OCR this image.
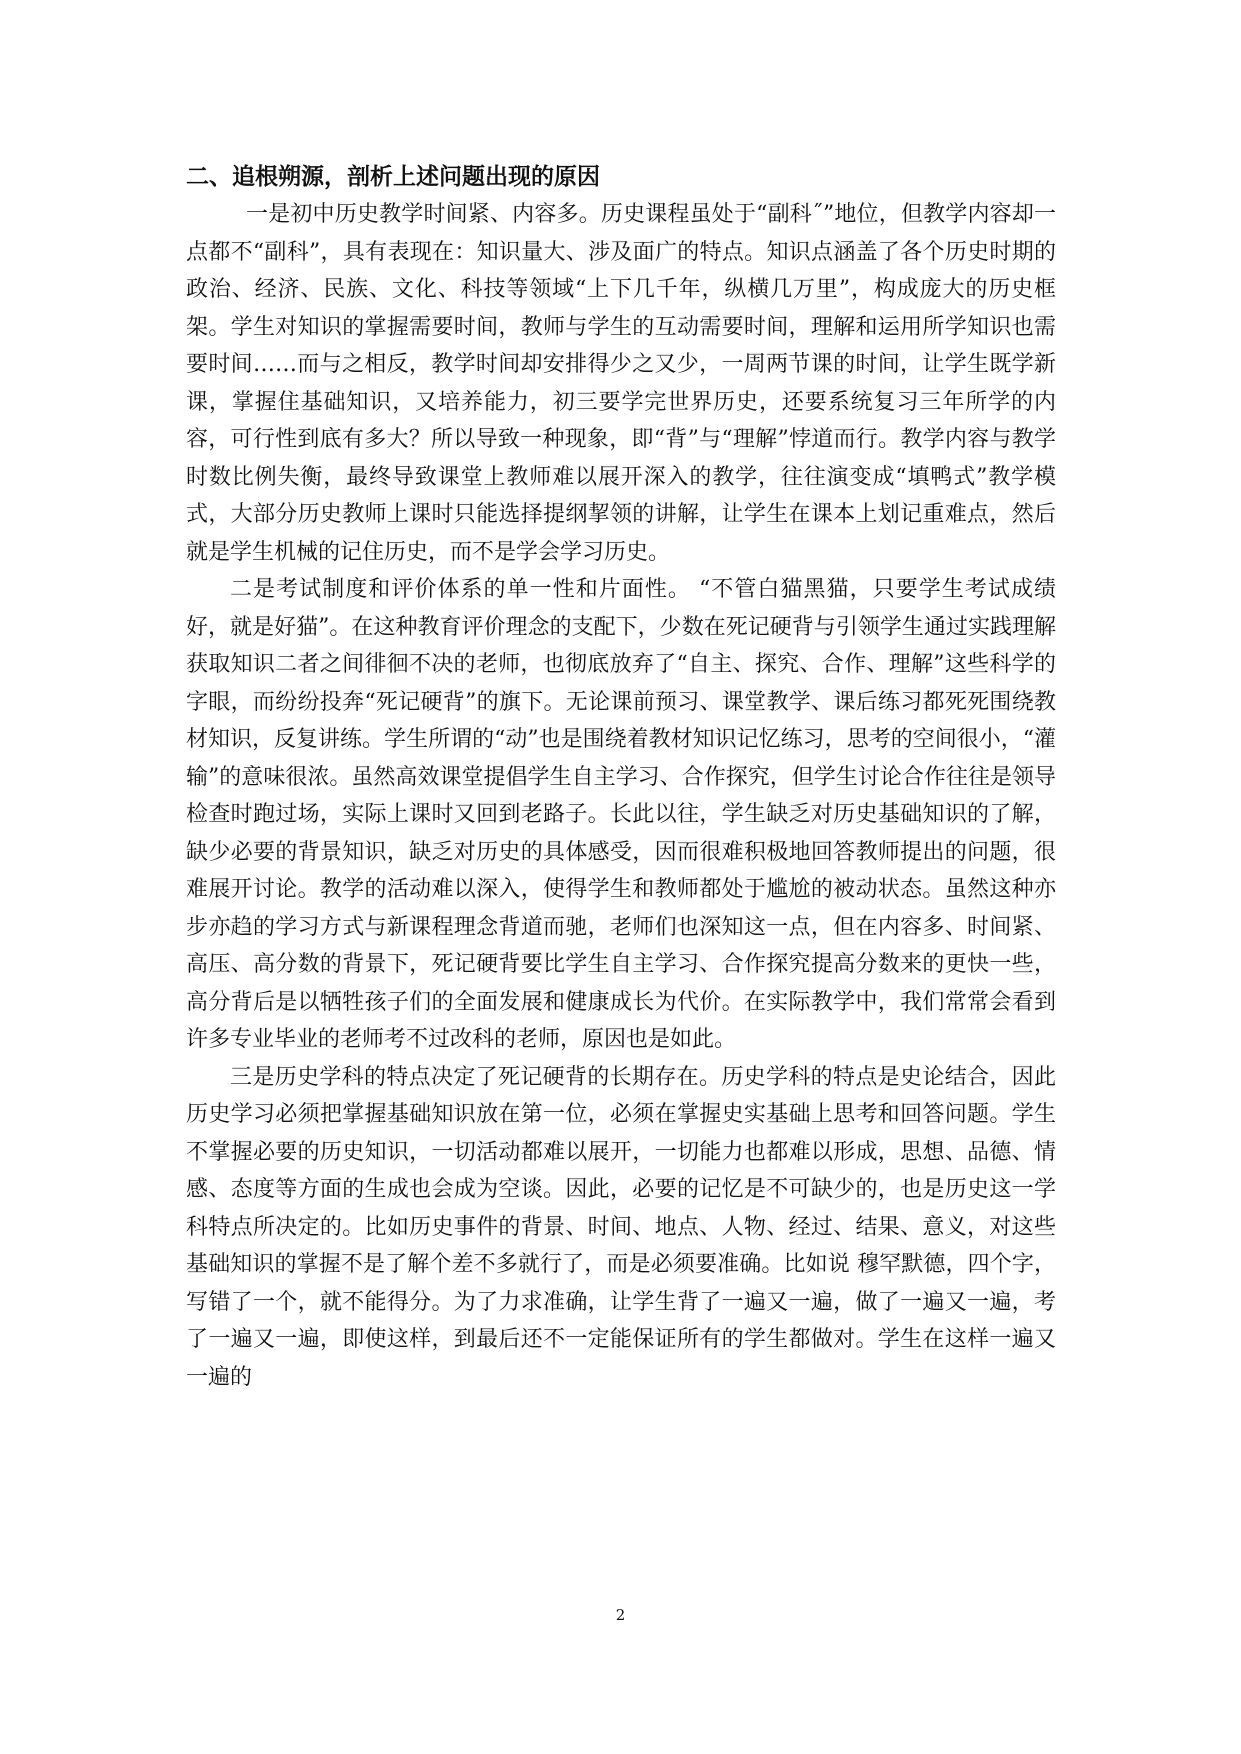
二、追根朔源，剖析上述问题出现的原因

一是初中历史教学时间紧、内容多。历史课程虽处于“副科˝”地位，但教学内容却一点都不“副科”，具有表现在：知识量大、涉及面广的特点。知识点涵盖了各个历史时期的政治、经济、民族、文化、科技等领域“上下几千年，纵横几万里”，构成庞大的历史框架。学生对知识的掌握需要时间，教师与学生的互动需要时间，理解和运用所学知识也需要时间……而与之相反，教学时间却安排得少之又少，一周两节课的时间，让学生既学新课，掌握住基础知识，又培养能力，初三要学完世界历史，还要系统复习三年所学的内容，可行性到底有多大？所以导致一种现象，即“背”与“理解”悖道而行。教学内容与教学时数比例失衡，最终导致课堂上教师难以展开深入的教学，往往演变成“填鸭式”教学模式，大部分历史教师上课时只能选择提纲挈领的讲解，让学生在课本上划记重难点，然后就是学生机械的记住历史，而不是学会学习历史。

二是考试制度和评价体系的单一性和片面性。 “不管白猫黑猫，只要学生考试成绩好，就是好猫”。在这种教育评价理念的支配下，少数在死记硬背与引领学生通过实践理解获取知识二者之间徘徊不决的老师，也彻底放弃了“自主、探究、合作、理解”这些科学的字眼，而纷纷投奔“死记硬背”的旗下。无论课前预习、课堂教学、课后练习都死死围绕教材知识，反复讲练。学生所谓的“动”也是围绕着教材知识记忆练习，思考的空间很小，“灌输”的意味很浓。虽然高效课堂提倡学生自主学习、合作探究，但学生讨论合作往往是领导检查时跑过场，实际上课时又回到老路子。长此以往，学生缺乏对历史基础知识的了解，缺少必要的背景知识，缺乏对历史的具体感受，因而很难积极地回答教师提出的问题，很难展开讨论。教学的活动难以深入，使得学生和教师都处于尴尬的被动状态。虽然这种亦步亦趋的学习方式与新课程理念背道而驰，老师们也深知这一点，但在内容多、时间紧、高压、高分数的背景下，死记硬背要比学生自主学习、合作探究提高分数来的更快一些，高分背后是以牺牲孩子们的全面发展和健康成长为代价。在实际教学中，我们常常会看到许多专业毕业的老师考不过改科的老师，原因也是如此。

三是历史学科的特点决定了死记硬背的长期存在。历史学科的特点是史论结合，因此历史学习必须把掌握基础知识放在第一位，必须在掌握史实基础上思考和回答问题。学生不掌握必要的历史知识，一切活动都难以展开，一切能力也都难以形成，思想、品德、情感、态度等方面的生成也会成为空谈。因此，必要的记忆是不可缺少的，也是历史这一学科特点所决定的。比如历史事件的背景、时间、地点、人物、经过、结果、意义，对这些基础知识的掌握不是了解个差不多就行了，而是必须要准确。比如说 穆罕默德，四个字，写错了一个，就不能得分。为了力求准确，让学生背了一遍又一遍，做了一遍又一遍，考了一遍又一遍，即使这样，到最后还不一定能保证所有的学生都做对。学生在这样一遍又一遍的

2
